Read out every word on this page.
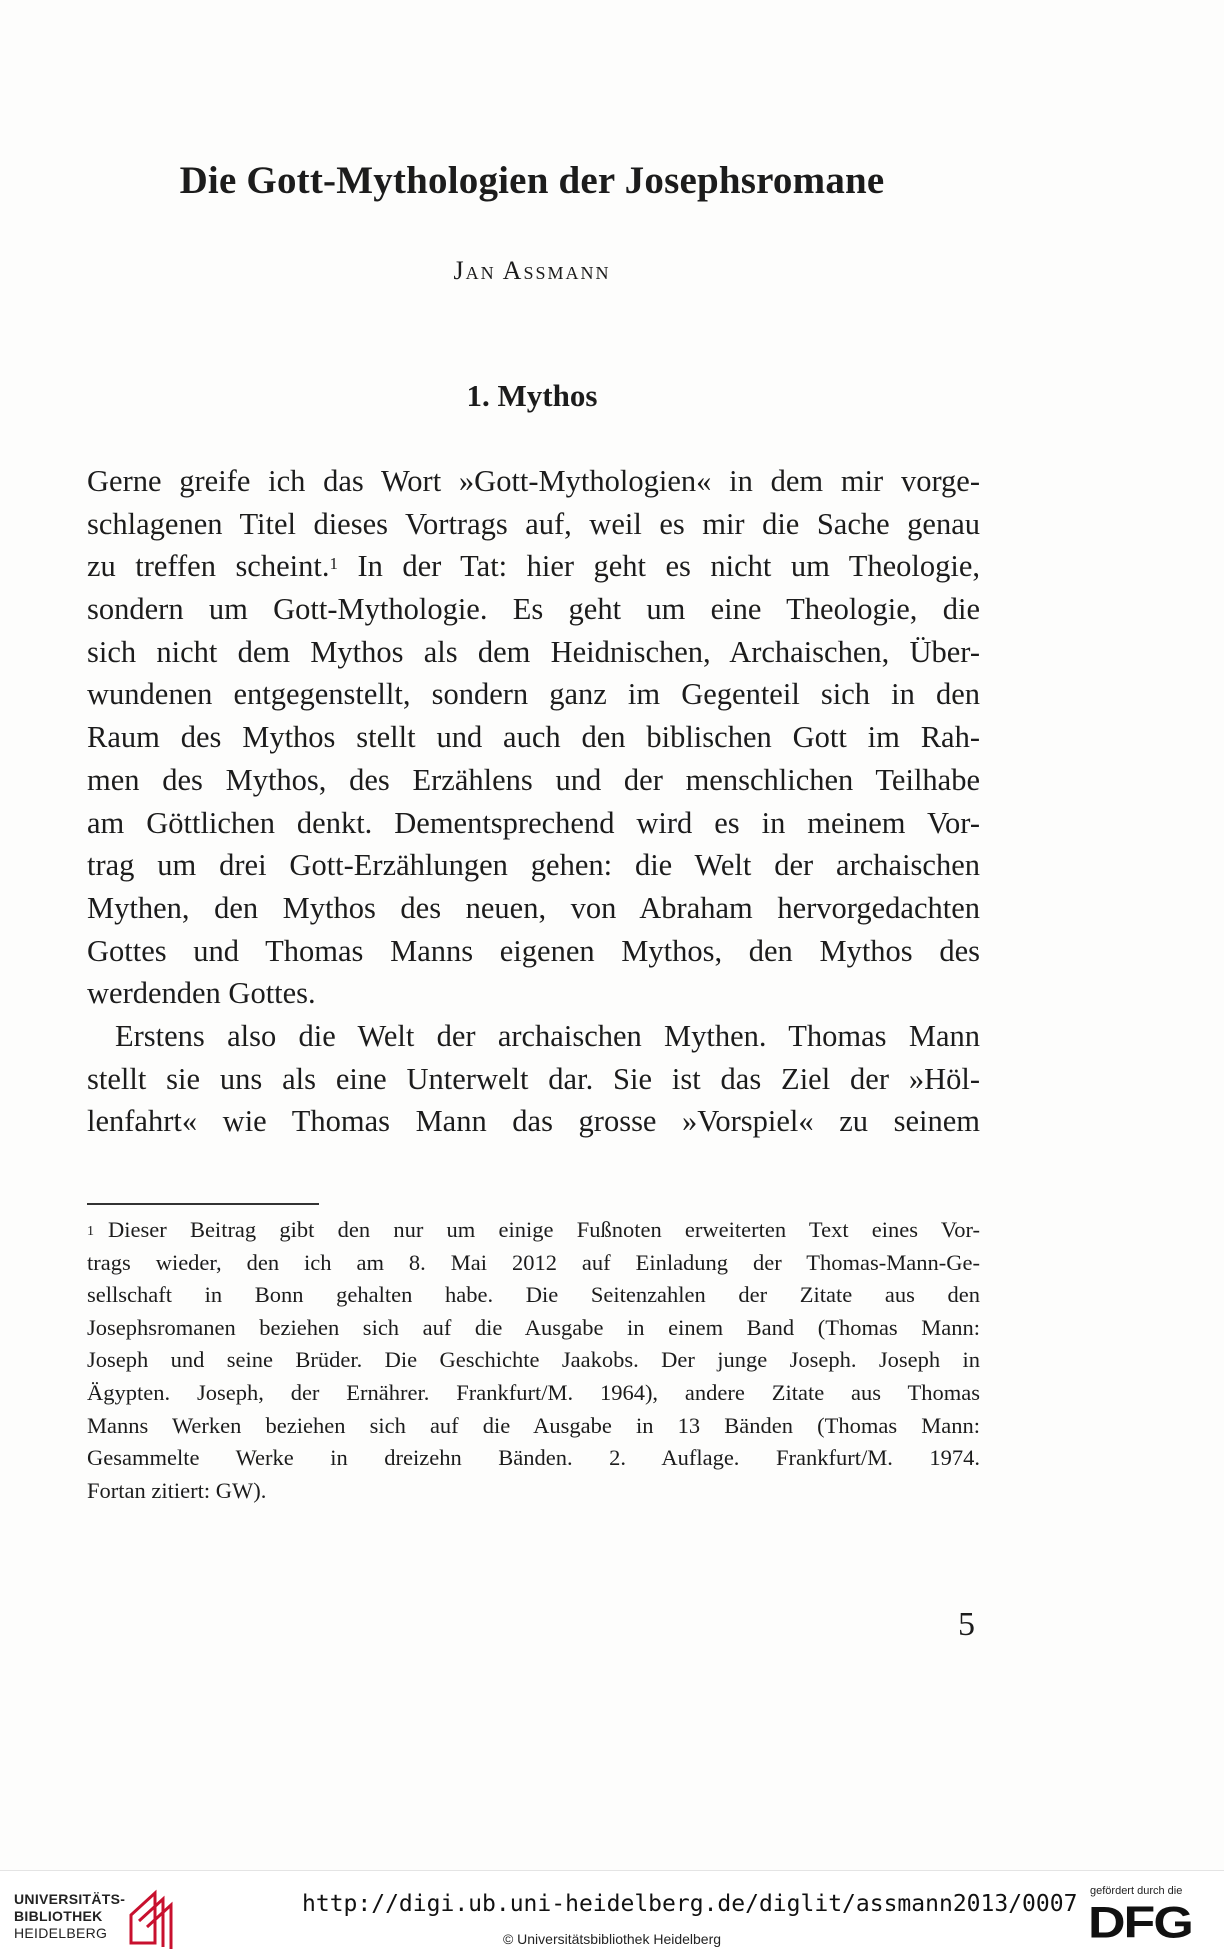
Die Gott-Mythologien der Josephsromane
Jan Assmann
1. Mythos
Gerne greife ich das Wort »Gott-Mythologien« in dem mir vorge-
schlagenen Titel dieses Vortrags auf, weil es mir die Sache genau
zu treffen scheint.$^1$ In der Tat: hier geht es nicht um Theologie,
sondern um Gott-Mythologie. Es geht um eine Theologie, die
sich nicht dem Mythos als dem Heidnischen, Archaischen, Über-
wundenen entgegenstellt, sondern ganz im Gegenteil sich in den
Raum des Mythos stellt und auch den biblischen Gott im Rah-
men des Mythos, des Erzählens und der menschlichen Teilhabe
am Göttlichen denkt. Dementsprechend wird es in meinem Vor-
trag um drei Gott-Erzählungen gehen: die Welt der archaischen
Mythen, den Mythos des neuen, von Abraham hervorgedachten
Gottes und Thomas Manns eigenen Mythos, den Mythos des
werdenden Gottes.
Erstens also die Welt der archaischen Mythen. Thomas Mann
stellt sie uns als eine Unterwelt dar. Sie ist das Ziel der »Höl-
lenfahrt« wie Thomas Mann das grosse »Vorspiel« zu seinem
$^1$ Dieser Beitrag gibt den nur um einige Fußnoten erweiterten Text eines Vor-
trags wieder, den ich am 8. Mai 2012 auf Einladung der Thomas-Mann-Ge-
sellschaft in Bonn gehalten habe. Die Seitenzahlen der Zitate aus den
Josephsromanen beziehen sich auf die Ausgabe in einem Band (Thomas Mann:
Joseph und seine Brüder. Die Geschichte Jaakobs. Der junge Joseph. Joseph in
Ägypten. Joseph, der Ernährer. Frankfurt/M. 1964), andere Zitate aus Thomas
Manns Werken beziehen sich auf die Ausgabe in 13 Bänden (Thomas Mann:
Gesammelte Werke in dreizehn Bänden. 2. Auflage. Frankfurt/M. 1974.
Fortan zitiert: GW).
5
UNIVERSITÄTS-
BIBLIOTHEK
HEIDELBERG
http://digi.ub.uni-heidelberg.de/diglit/assmann2013/0007
© Universitätsbibliothek Heidelberg
gefördert durch die
DFG
